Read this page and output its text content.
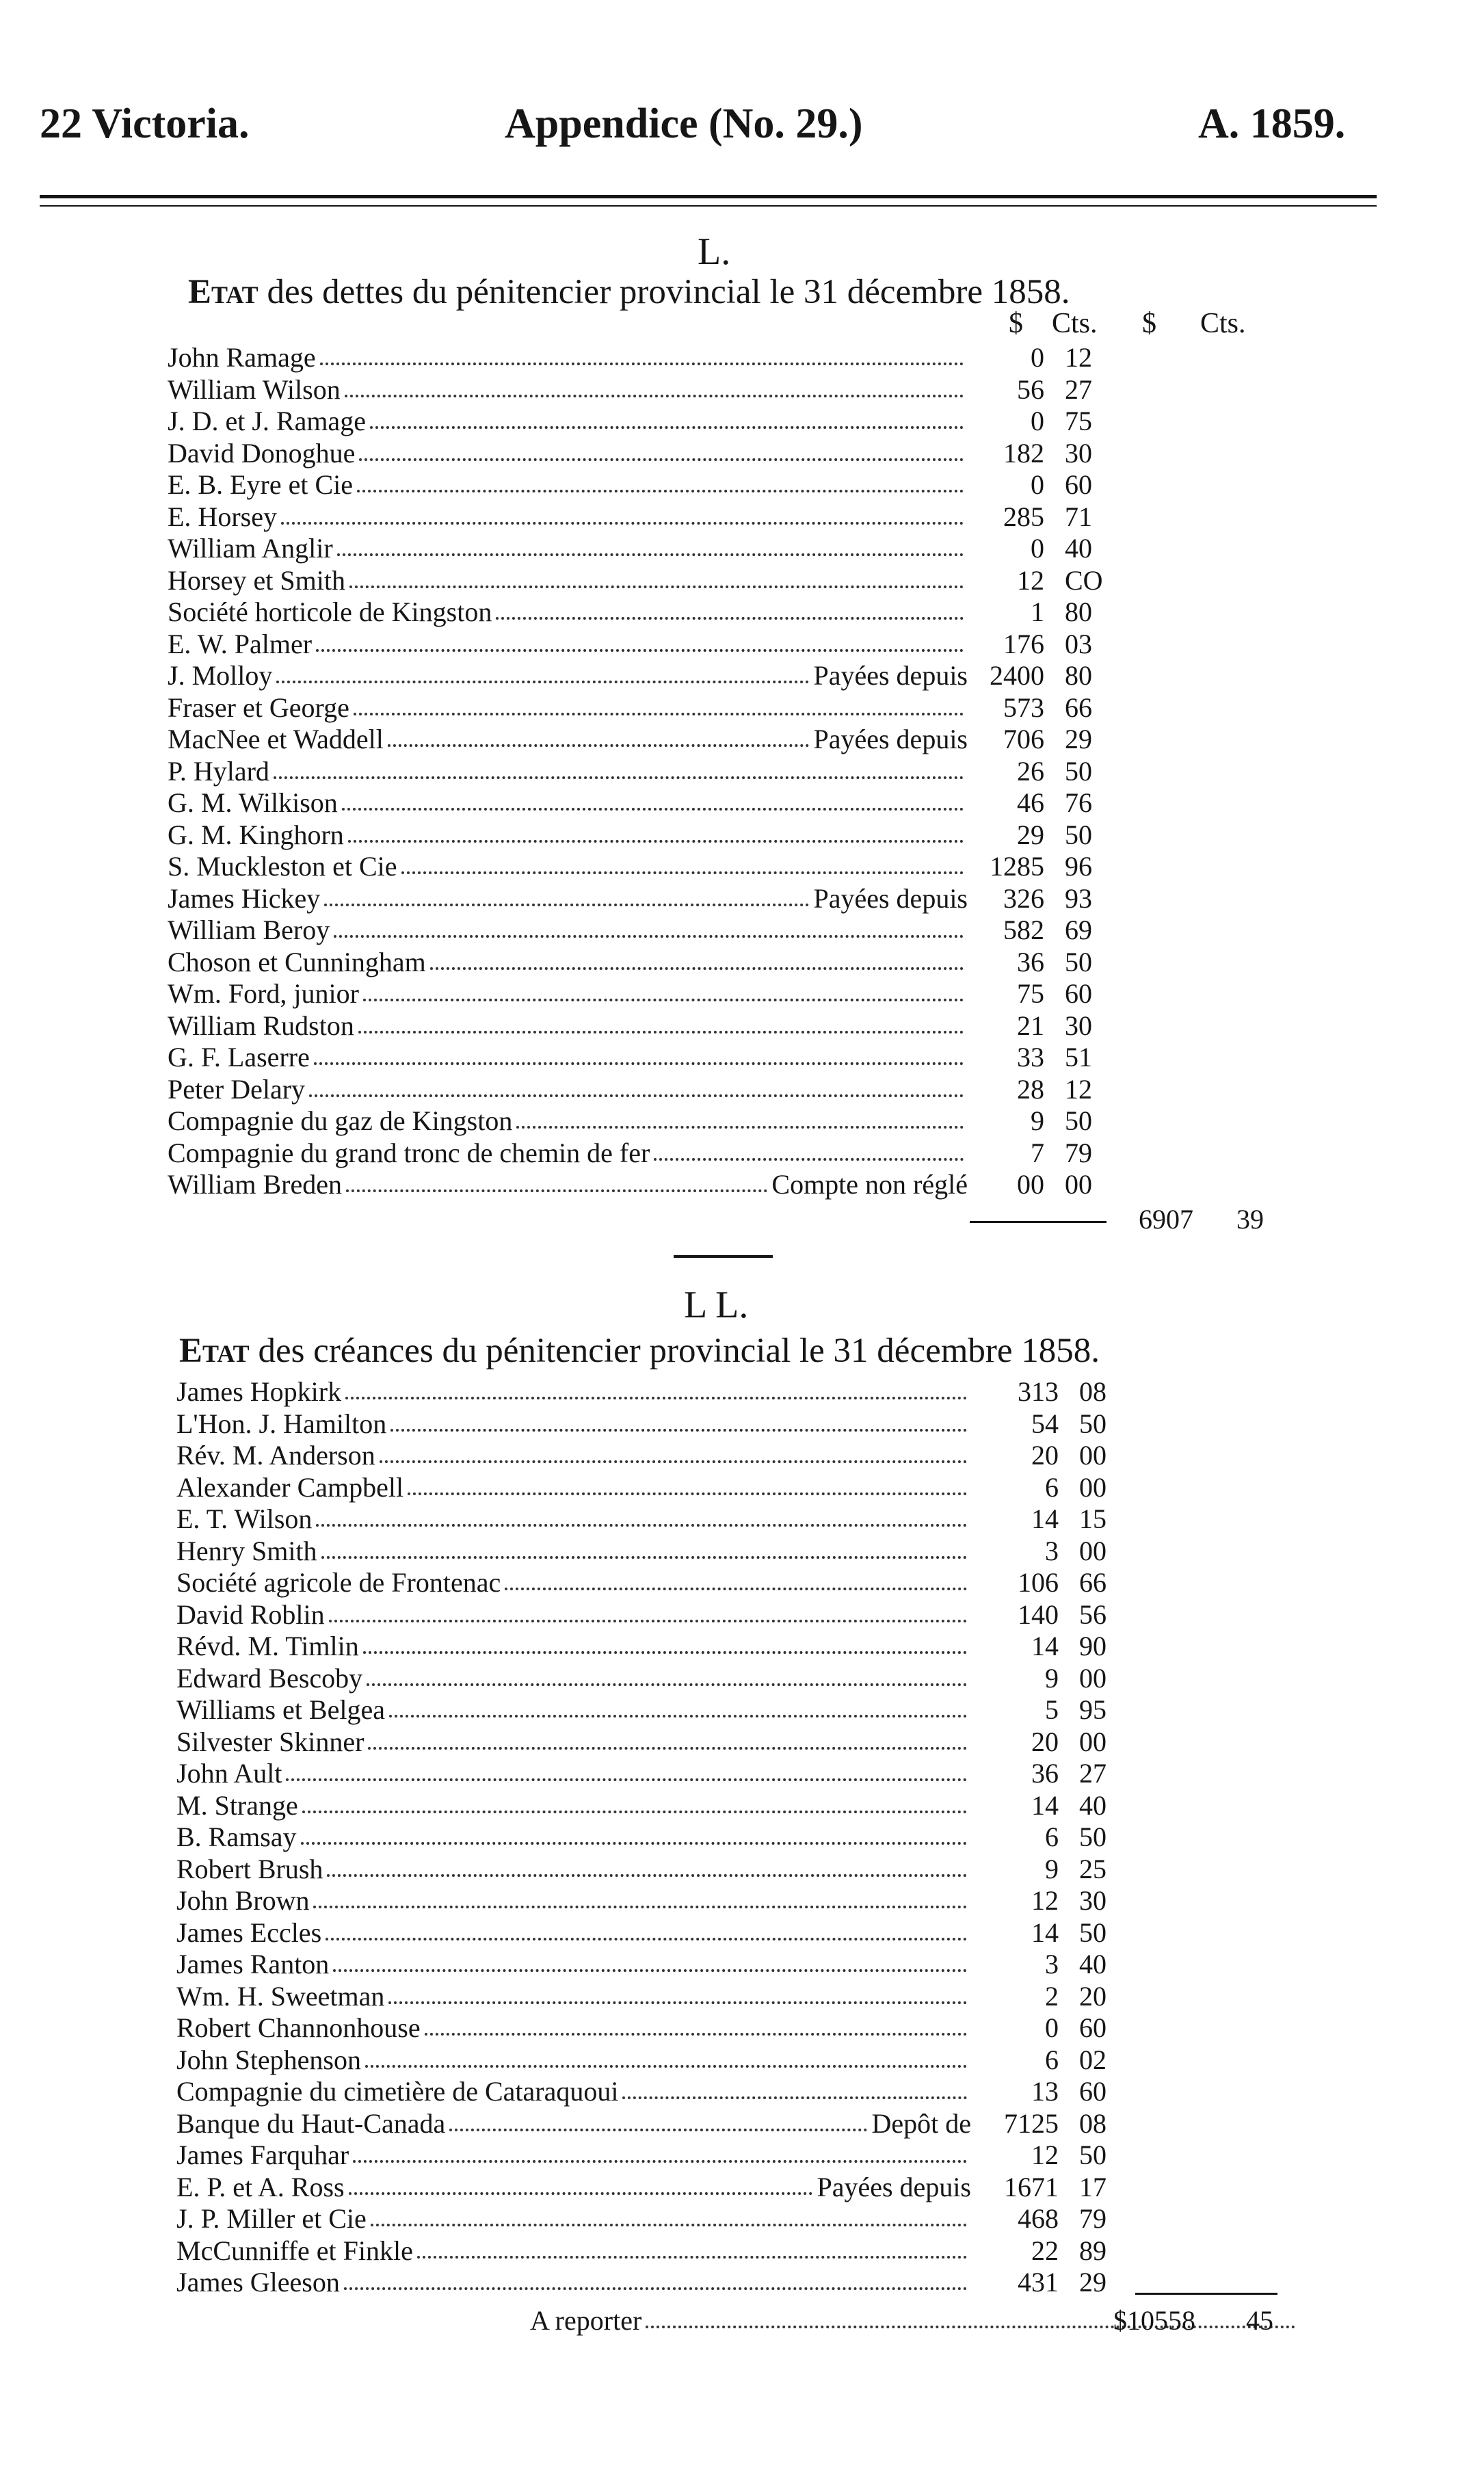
22 Victoria.	Appendice (No. 29.)	A. 1859.
L.
Etat des dettes du pénitencier provincial le 31 décembre 1858.
$ Cts. $ Cts.
John Ramage	0 12
William Wilson	56 27
J. D. et J. Ramage	0 75
David Donoghue	182 30
E. B. Eyre et Cie	0 60
E. Horsey	285 71
William Anglir	0 40
Horsey et Smith	12 CO
Société horticole de Kingston	1 80
E. W. Palmer	176 03
J. Molloy	Payées depuis 2400 80
Fraser et George	573 66
MacNee et Waddell	Payées depuis 706 29
P. Hylard	26 50
G. M. Wilkison	46 76
G. M. Kinghorn	29 50
S. Muckleston et Cie	1285 96
James Hickey	Payées depuis 326 93
William Beroy	582 69
Choson et Cunningham	36 50
Wm. Ford, junior	75 60
William Rudston	21 30
G. F. Laserre	33 51
Peter Delary	28 12
Compagnie du gaz de Kingston	9 50
Compagnie du grand tronc de chemin de fer	7 79
William Breden	Compte non réglé 00 00
6907 39
L L.
Etat des créances du pénitencier provincial le 31 décembre 1858.
James Hopkirk	313 08
L'Hon. J. Hamilton	54 50
Rév. M. Anderson	20 00
Alexander Campbell	6 00
E. T. Wilson	14 15
Henry Smith	3 00
Société agricole de Frontenac	106 66
David Roblin	140 56
Révd. M. Timlin	14 90
Edward Bescoby	9 00
Williams et Belgea	5 95
Silvester Skinner	20 00
John Ault	36 27
M. Strange	14 40
B. Ramsay	6 50
Robert Brush	9 25
John Brown	12 30
James Eccles	14 50
James Ranton	3 40
Wm. H. Sweetman	2 20
Robert Channonhouse	0 60
John Stephenson	6 02
Compagnie du cimetière de Cataraquoui	13 60
Banque du Haut-Canada	Depôt de 7125 08
James Farquhar	12 50
E. P. et A. Ross	Payées depuis 1671 17
J. P. Miller et Cie	468 79
McCunniffe et Finkle	22 89
James Gleeson	431 29
A reporter	$10558 45
